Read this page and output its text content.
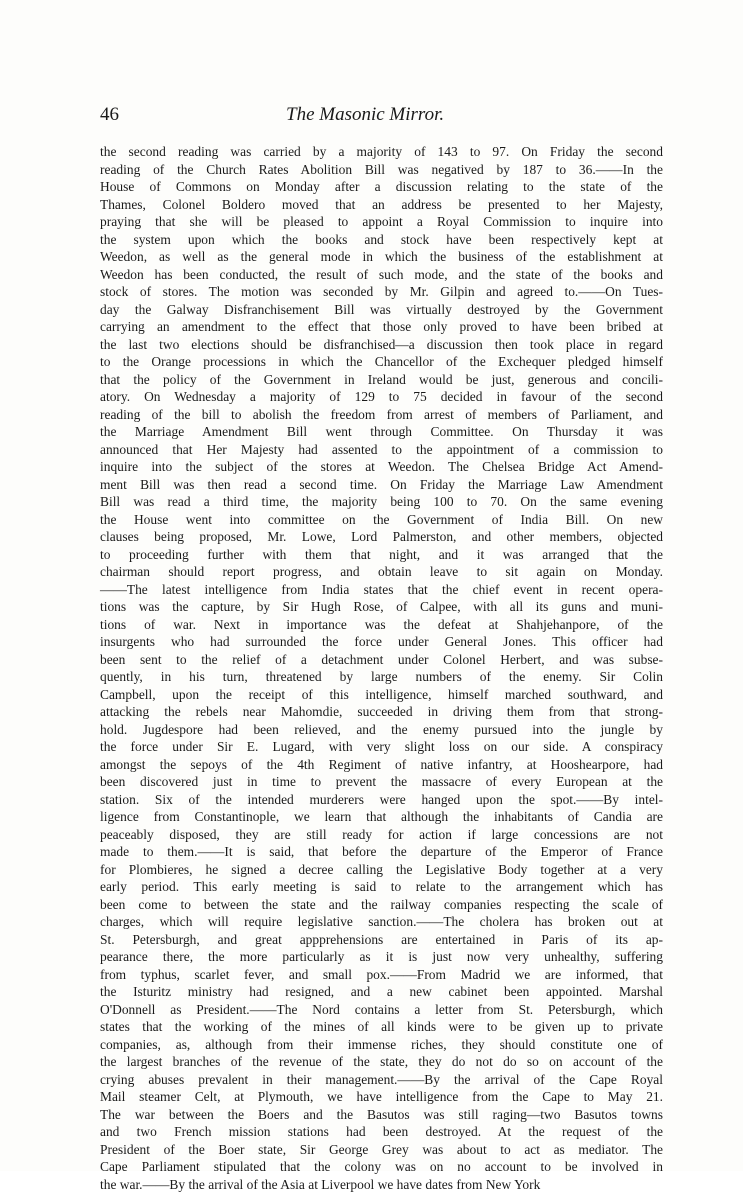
46	The Masonic Mirror.
the second reading was carried by a majority of 143 to 97. On Friday the second
reading of the Church Rates Abolition Bill was negatived by 187 to 36.——In the
House of Commons on Monday after a discussion relating to the state of the
Thames, Colonel Boldero moved that an address be presented to her Majesty,
praying that she will be pleased to appoint a Royal Commission to inquire into
the system upon which the books and stock have been respectively kept at
Weedon, as well as the general mode in which the business of the establishment at
Weedon has been conducted, the result of such mode, and the state of the books and
stock of stores. The motion was seconded by Mr. Gilpin and agreed to.——On Tues-
day the Galway Disfranchisement Bill was virtually destroyed by the Government
carrying an amendment to the effect that those only proved to have been bribed at
the last two elections should be disfranchised—a discussion then took place in regard
to the Orange processions in which the Chancellor of the Exchequer pledged himself
that the policy of the Government in Ireland would be just, generous and concili-
atory. On Wednesday a majority of 129 to 75 decided in favour of the second
reading of the bill to abolish the freedom from arrest of members of Parliament, and
the Marriage Amendment Bill went through Committee. On Thursday it was
announced that Her Majesty had assented to the appointment of a commission to
inquire into the subject of the stores at Weedon. The Chelsea Bridge Act Amend-
ment Bill was then read a second time. On Friday the Marriage Law Amendment
Bill was read a third time, the majority being 100 to 70. On the same evening
the House went into committee on the Government of India Bill. On new
clauses being proposed, Mr. Lowe, Lord Palmerston, and other members, objected
to proceeding further with them that night, and it was arranged that the
chairman should report progress, and obtain leave to sit again on Monday.
——The latest intelligence from India states that the chief event in recent opera-
tions was the capture, by Sir Hugh Rose, of Calpee, with all its guns and muni-
tions of war. Next in importance was the defeat at Shahjehanpore, of the
insurgents who had surrounded the force under General Jones. This officer had
been sent to the relief of a detachment under Colonel Herbert, and was subse-
quently, in his turn, threatened by large numbers of the enemy. Sir Colin
Campbell, upon the receipt of this intelligence, himself marched southward, and
attacking the rebels near Mahomdie, succeeded in driving them from that strong-
hold. Jugdespore had been relieved, and the enemy pursued into the jungle by
the force under Sir E. Lugard, with very slight loss on our side. A conspiracy
amongst the sepoys of the 4th Regiment of native infantry, at Hooshearpore, had
been discovered just in time to prevent the massacre of every European at the
station. Six of the intended murderers were hanged upon the spot.——By intel-
ligence from Constantinople, we learn that although the inhabitants of Candia are
peaceably disposed, they are still ready for action if large concessions are not
made to them.——It is said, that before the departure of the Emperor of France
for Plombieres, he signed a decree calling the Legislative Body together at a very
early period. This early meeting is said to relate to the arrangement which has
been come to between the state and the railway companies respecting the scale of
charges, which will require legislative sanction.——The cholera has broken out at
St. Petersburgh, and great appprehensions are entertained in Paris of its ap-
pearance there, the more particularly as it is just now very unhealthy, suffering
from typhus, scarlet fever, and small pox.——From Madrid we are informed, that
the Isturitz ministry had resigned, and a new cabinet been appointed. Marshal
O'Donnell as President.——The Nord contains a letter from St. Petersburgh, which
states that the working of the mines of all kinds were to be given up to private
companies, as, although from their immense riches, they should constitute one of
the largest branches of the revenue of the state, they do not do so on account of the
crying abuses prevalent in their management.——By the arrival of the Cape Royal
Mail steamer Celt, at Plymouth, we have intelligence from the Cape to May 21.
The war between the Boers and the Basutos was still raging—two Basutos towns
and two French mission stations had been destroyed. At the request of the
President of the Boer state, Sir George Grey was about to act as mediator. The
Cape Parliament stipulated that the colony was on no account to be involved in
the war.——By the arrival of the Asia at Liverpool we have dates from New York
